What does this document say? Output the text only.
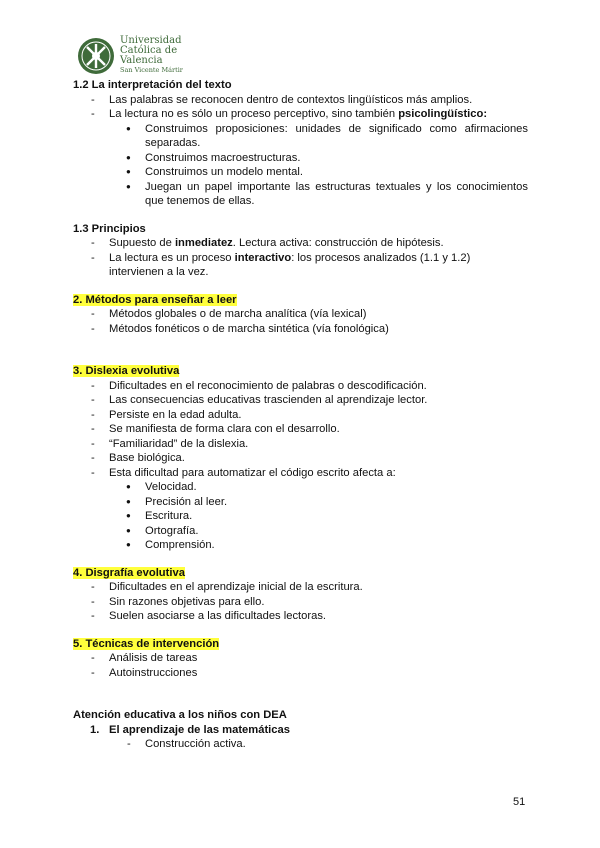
Universidad
Católica de
Valencia
San Vicente Mártir

1.2 La interpretación del texto

- Las palabras se reconocen dentro de contextos lingüísticos más amplios.
- La lectura no es sólo un proceso perceptivo, sino también psicolingüístico:
● Construimos proposiciones: unidades de significado como afirmaciones separadas.
● Construimos macroestructuras.
● Construimos un modelo mental.
● Juegan un papel importante las estructuras textuales y los conocimientos que tenemos de ellas.

1.3 Principios

- Supuesto de inmediatez. Lectura activa: construcción de hipótesis.
- La lectura es un proceso interactivo: los procesos analizados (1.1 y 1.2) intervienen a la vez.

2. Métodos para enseñar a leer

- Métodos globales o de marcha analítica (vía lexical)
- Métodos fonéticos o de marcha sintética (vía fonológica)

3. Dislexia evolutiva

- Dificultades en el reconocimiento de palabras o descodificación.
- Las consecuencias educativas trascienden al aprendizaje lector.
- Persiste en la edad adulta.
- Se manifiesta de forma clara con el desarrollo.
- “Familiaridad” de la dislexia.
- Base biológica.
- Esta dificultad para automatizar el código escrito afecta a:
● Velocidad.
● Precisión al leer.
● Escritura.
● Ortografía.
● Comprensión.

4. Disgrafía evolutiva

- Dificultades en el aprendizaje inicial de la escritura.
- Sin razones objetivas para ello.
- Suelen asociarse a las dificultades lectoras.

5. Técnicas de intervención

- Análisis de tareas
- Autoinstrucciones

Atención educativa a los niños con DEA

1. El aprendizaje de las matemáticas
- Construcción activa.
51
